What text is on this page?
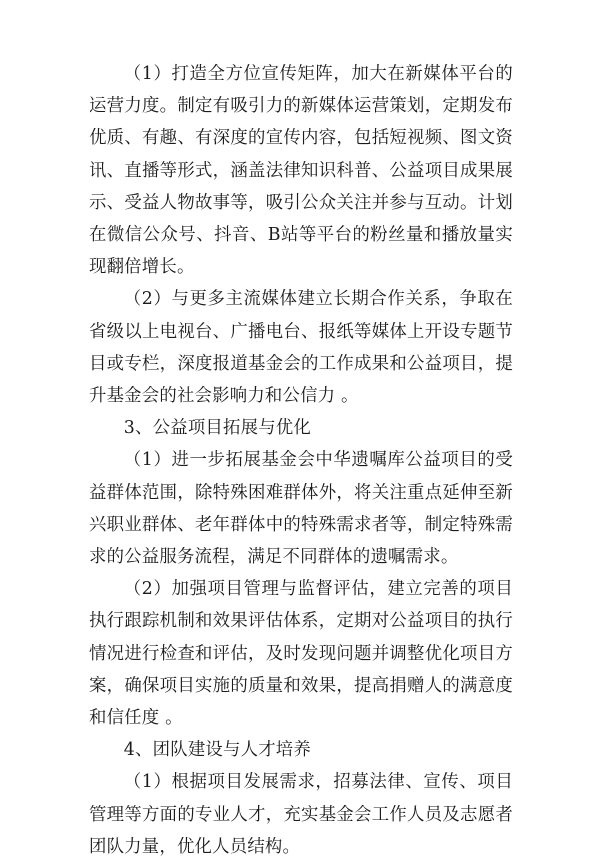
（1）打造全方位宣传矩阵，加大在新媒体平台的运营力度。制定有吸引力的新媒体运营策划，定期发布优质、有趣、有深度的宣传内容，包括短视频、图文资讯、直播等形式，涵盖法律知识科普、公益项目成果展示、受益人物故事等，吸引公众关注并参与互动。计划在微信公众号、抖音、B站等平台的粉丝量和播放量实现翻倍增长。

（2）与更多主流媒体建立长期合作关系，争取在省级以上电视台、广播电台、报纸等媒体上开设专题节目或专栏，深度报道基金会的工作成果和公益项目，提升基金会的社会影响力和公信力 。

3、公益项目拓展与优化

（1）进一步拓展基金会中华遗嘱库公益项目的受益群体范围，除特殊困难群体外，将关注重点延伸至新兴职业群体、老年群体中的特殊需求者等，制定特殊需求的公益服务流程，满足不同群体的遗嘱需求。

（2）加强项目管理与监督评估，建立完善的项目执行跟踪机制和效果评估体系，定期对公益项目的执行情况进行检查和评估，及时发现问题并调整优化项目方案，确保项目实施的质量和效果，提高捐赠人的满意度和信任度 。

4、团队建设与人才培养

（1）根据项目发展需求，招募法律、宣传、项目管理等方面的专业人才，充实基金会工作人员及志愿者团队力量，优化人员结构。
